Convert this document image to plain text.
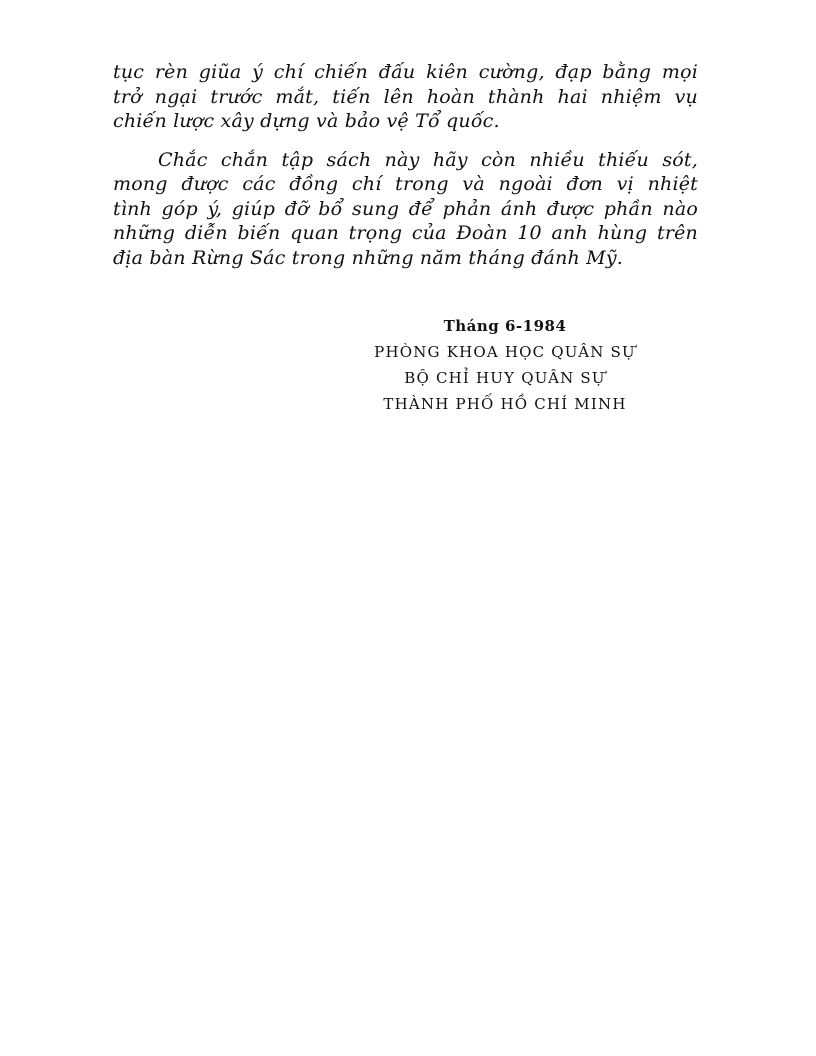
tục rèn giũa ý chí chiến đấu kiên cường, đạp bằng mọi
trở ngại trước mắt, tiến lên hoàn thành hai nhiệm vụ
chiến lược xây dựng và bảo vệ Tổ quốc.
Chắc chắn tập sách này hãy còn nhiều thiếu sót,
mong được các đồng chí trong và ngoài đơn vị nhiệt
tình góp ý, giúp đỡ bổ sung để phản ánh được phần nào
những diễn biến quan trọng của Đoàn 10 anh hùng trên
địa bàn Rừng Sác trong những năm tháng đánh Mỹ.
Tháng 6-1984
PHÒNG KHOA HỌC QUÂN SỰ
BỘ CHỈ HUY QUÂN SỰ
THÀNH PHỐ HỒ CHÍ MINH
